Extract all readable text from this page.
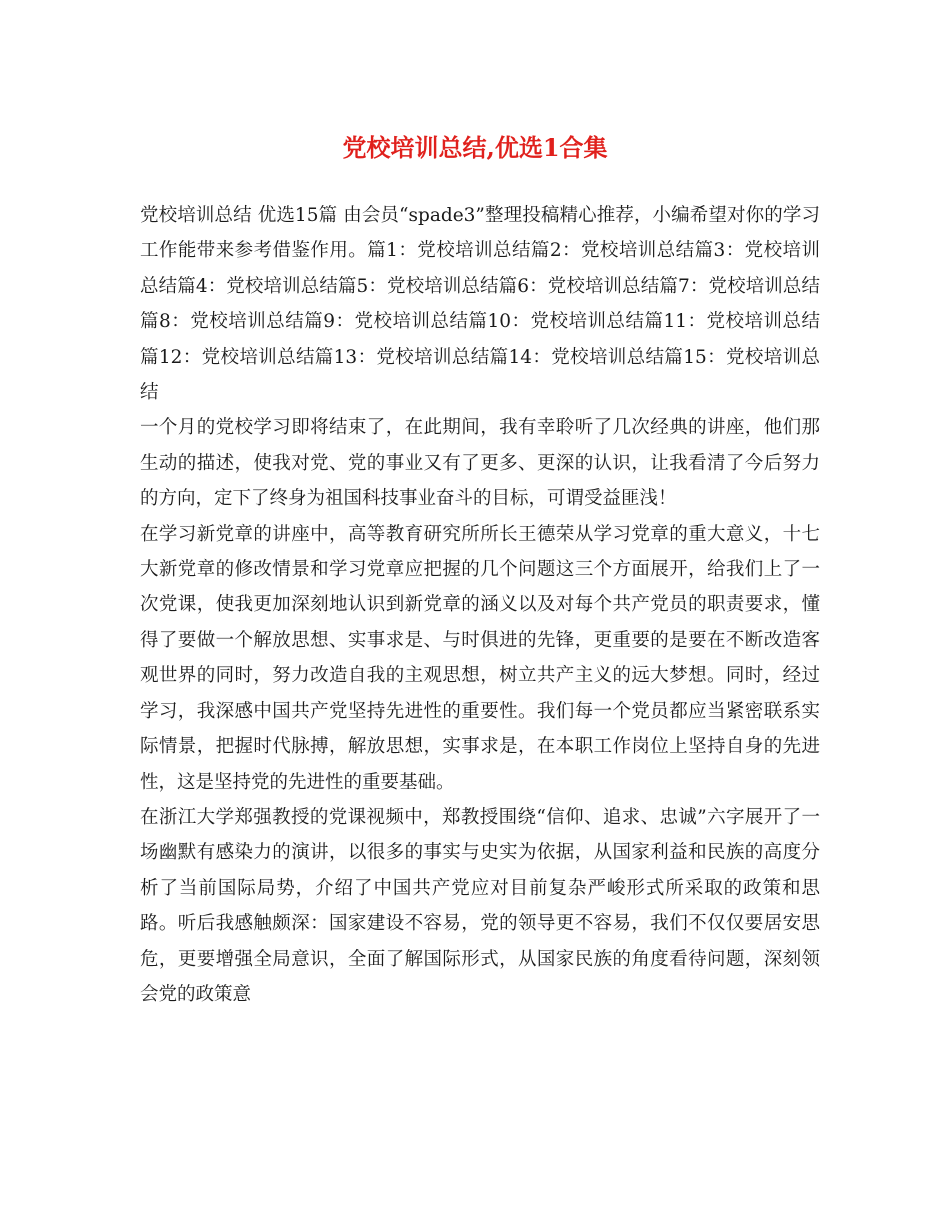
党校培训总结,优选1合集

党校培训总结 优选15篇 由会员“spade3”整理投稿精心推荐，小编希望对你的学习工作能带来参考借鉴作用。篇1：党校培训总结篇2：党校培训总结篇3：党校培训总结篇4：党校培训总结篇5：党校培训总结篇6：党校培训总结篇7：党校培训总结篇8：党校培训总结篇9：党校培训总结篇10：党校培训总结篇11：党校培训总结篇12：党校培训总结篇13：党校培训总结篇14：党校培训总结篇15：党校培训总结

一个月的党校学习即将结束了，在此期间，我有幸聆听了几次经典的讲座，他们那生动的描述，使我对党、党的事业又有了更多、更深的认识，让我看清了今后努力的方向，定下了终身为祖国科技事业奋斗的目标，可谓受益匪浅！

在学习新党章的讲座中，高等教育研究所所长王德荣从学习党章的重大意义，十七大新党章的修改情景和学习党章应把握的几个问题这三个方面展开，给我们上了一次党课，使我更加深刻地认识到新党章的涵义以及对每个共产党员的职责要求，懂得了要做一个解放思想、实事求是、与时俱进的先锋，更重要的是要在不断改造客观世界的同时，努力改造自我的主观思想，树立共产主义的远大梦想。同时，经过学习，我深感中国共产党坚持先进性的重要性。我们每一个党员都应当紧密联系实际情景，把握时代脉搏，解放思想，实事求是，在本职工作岗位上坚持自身的先进性，这是坚持党的先进性的重要基础。

在浙江大学郑强教授的党课视频中，郑教授围绕“信仰、追求、忠诚”六字展开了一场幽默有感染力的演讲，以很多的事实与史实为依据，从国家利益和民族的高度分析了当前国际局势，介绍了中国共产党应对目前复杂严峻形式所采取的政策和思路。听后我感触颇深：国家建设不容易，党的领导更不容易，我们不仅仅要居安思危，更要增强全局意识，全面了解国际形式，从国家民族的角度看待问题，深刻领会党的政策意
